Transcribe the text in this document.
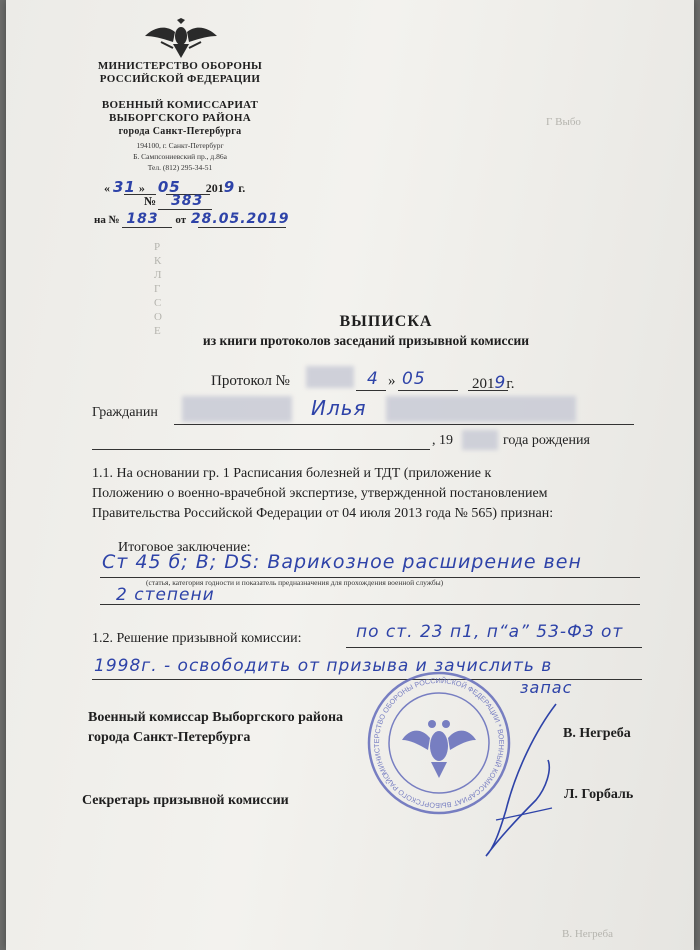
МИНИСТЕРСТВО ОБОРОНЫ
РОССИЙСКОЙ ФЕДЕРАЦИИ
ВОЕННЫЙ КОМИССАРИАТ
ВЫБОРГСКОГО РАЙОНА
города Санкт-Петербурга
194100, г. Санкт-Петербург
Б. Сампсониевский пр., д.86а
Тел. (812) 295-34-51
« 31 » 05 2019 г.
№ 383
на № 183 от 28.05.2019
Г Выбо
В. Негреба
ВЫПИСКА
из книги протоколов заседаний призывной комиссии
Протокол №	4 » 05	2019г.
Гражданин	Илья
, 19	года рождения
1.1. На основании гр. 1 Расписания болезней и ТДТ (приложение к
Положению о военно-врачебной экспертизе, утвержденной постановлением
Правительства Российской Федерации от 04 июля 2013 года № 565) признан:
Итоговое заключение:
Ст 45 б; В; DS: Варикозное расширение вен
(статья, категория годности и показатель предназначения для прохождения военной службы)
2 степени
1.2. Решение призывной комиссии:	по ст. 23 п1, п“а” 53-ФЗ от
1998г. - освободить от призыва и зачислить в
запас
Военный комиссар Выборгского района
города Санкт-Петербурга	В. Негреба
Секретарь призывной комиссии	Л. Горбаль
МИНИСТЕРСТВО ОБОРОНЫ РОССИЙСКОЙ ФЕДЕРАЦИИ * ВОЕННЫЙ КОМИССАРИАТ ВЫБОРГСКОГО РАЙОНА
Р
К
Л
Г
С
О
Е
